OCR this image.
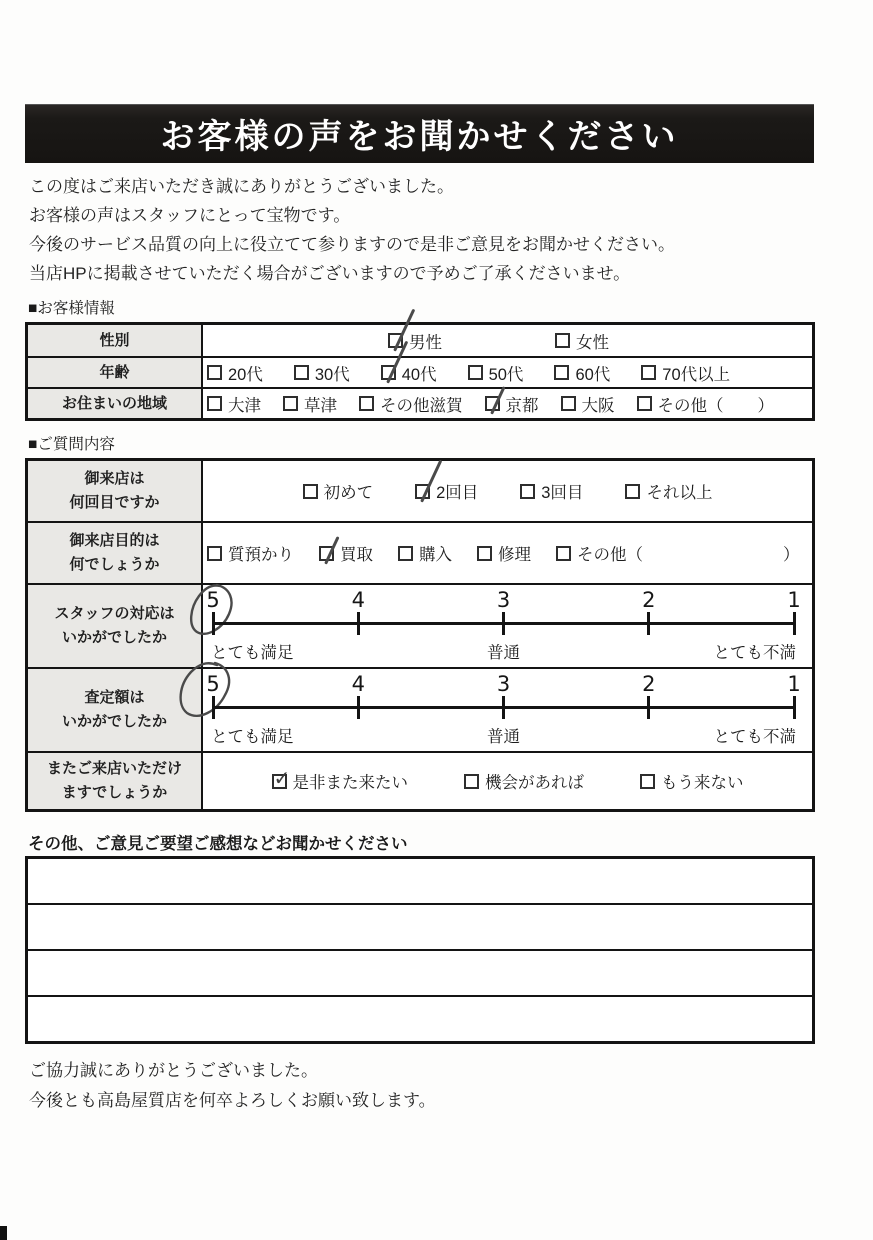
お客様の声をお聞かせください
この度はご来店いただき誠にありがとうございました。
お客様の声はスタッフにとって宝物です。
今後のサービス品質の向上に役立てて参りますので是非ご意見をお聞かせください。
当店HPに掲載させていただく場合がございますので予めご了承くださいませ。
■お客様情報
性別	男性	女性
年齢	20代	30代	40代	50代	60代	70代以上
お住まいの地域	大津	草津	その他滋賀	京都	大阪	その他（ ）
■ご質問内容
御来店は
何回目ですか
初めて	2回目	3回目	それ以上
御来店目的は
何でしょうか
質預かり	買取	購入	修理	その他（	）
スタッフの対応は
いかがでしたか
5	4	3	2	1
とても満足	普通	とても不満
査定額は
いかがでしたか
5	4	3	2	1
とても満足	普通	とても不満
またご来店いただけ
ますでしょうか
✓
是非また来たい	機会があれば	もう来ない
その他、ご意見ご要望ご感想などお聞かせください
ご協力誠にありがとうございました。
今後とも高島屋質店を何卒よろしくお願い致します。
